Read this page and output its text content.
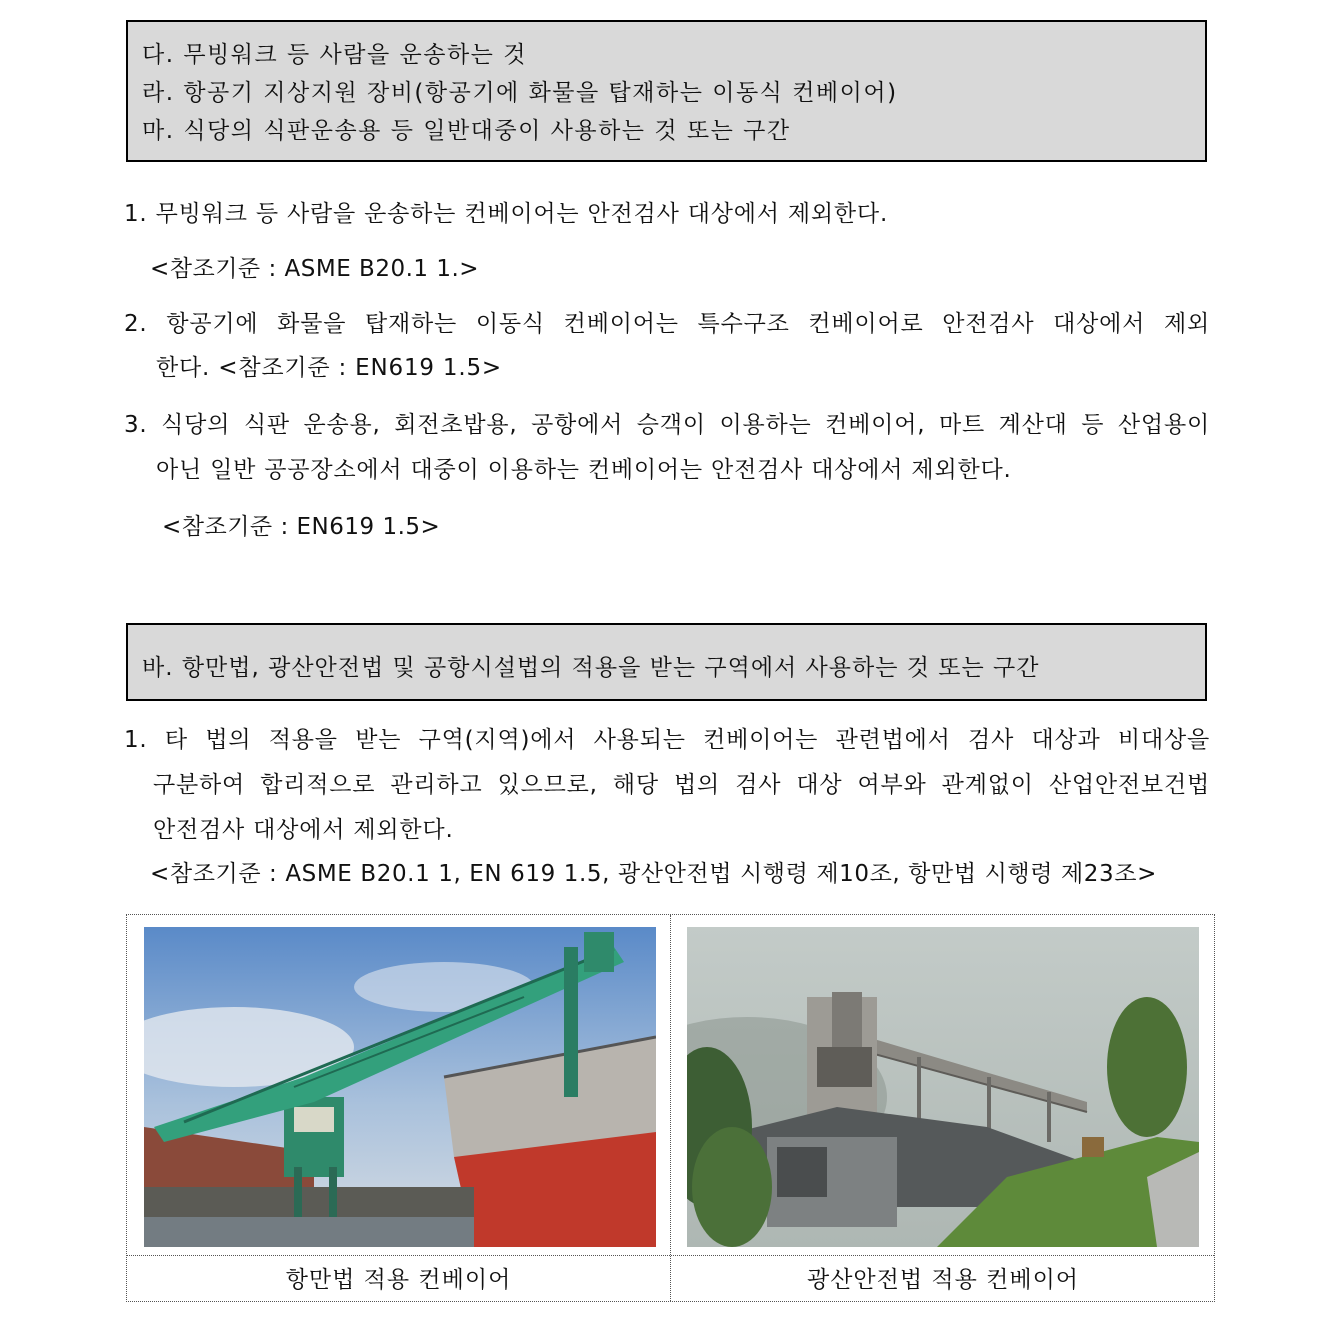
다. 무빙워크 등 사람을 운송하는 것
라. 항공기 지상지원 장비(항공기에 화물을 탑재하는 이동식 컨베이어)
마. 식당의 식판운송용 등 일반대중이 사용하는 것 또는 구간
1. 무빙워크 등 사람을 운송하는 컨베이어는 안전검사 대상에서 제외한다.
<참조기준 : ASME B20.1 1.>
2. 항공기에 화물을 탑재하는 이동식 컨베이어는 특수구조 컨베이어로 안전검사 대상에서 제외
한다. <참조기준 : EN619 1.5>
3. 식당의 식판 운송용, 회전초밥용, 공항에서 승객이 이용하는 컨베이어, 마트 계산대 등 산업용이
아닌 일반 공공장소에서 대중이 이용하는 컨베이어는 안전검사 대상에서 제외한다.
<참조기준 : EN619 1.5>
바. 항만법, 광산안전법 및 공항시설법의 적용을 받는 구역에서 사용하는 것 또는 구간
1. 타 법의 적용을 받는 구역(지역)에서 사용되는 컨베이어는 관련법에서 검사 대상과 비대상을
구분하여 합리적으로 관리하고 있으므로, 해당 법의 검사 대상 여부와 관계없이 산업안전보건법
안전검사 대상에서 제외한다.
<참조기준 : ASME B20.1 1, EN 619 1.5, 광산안전법 시행령 제10조, 항만법 시행령 제23조>
항만법 적용 컨베이어	광산안전법 적용 컨베이어
